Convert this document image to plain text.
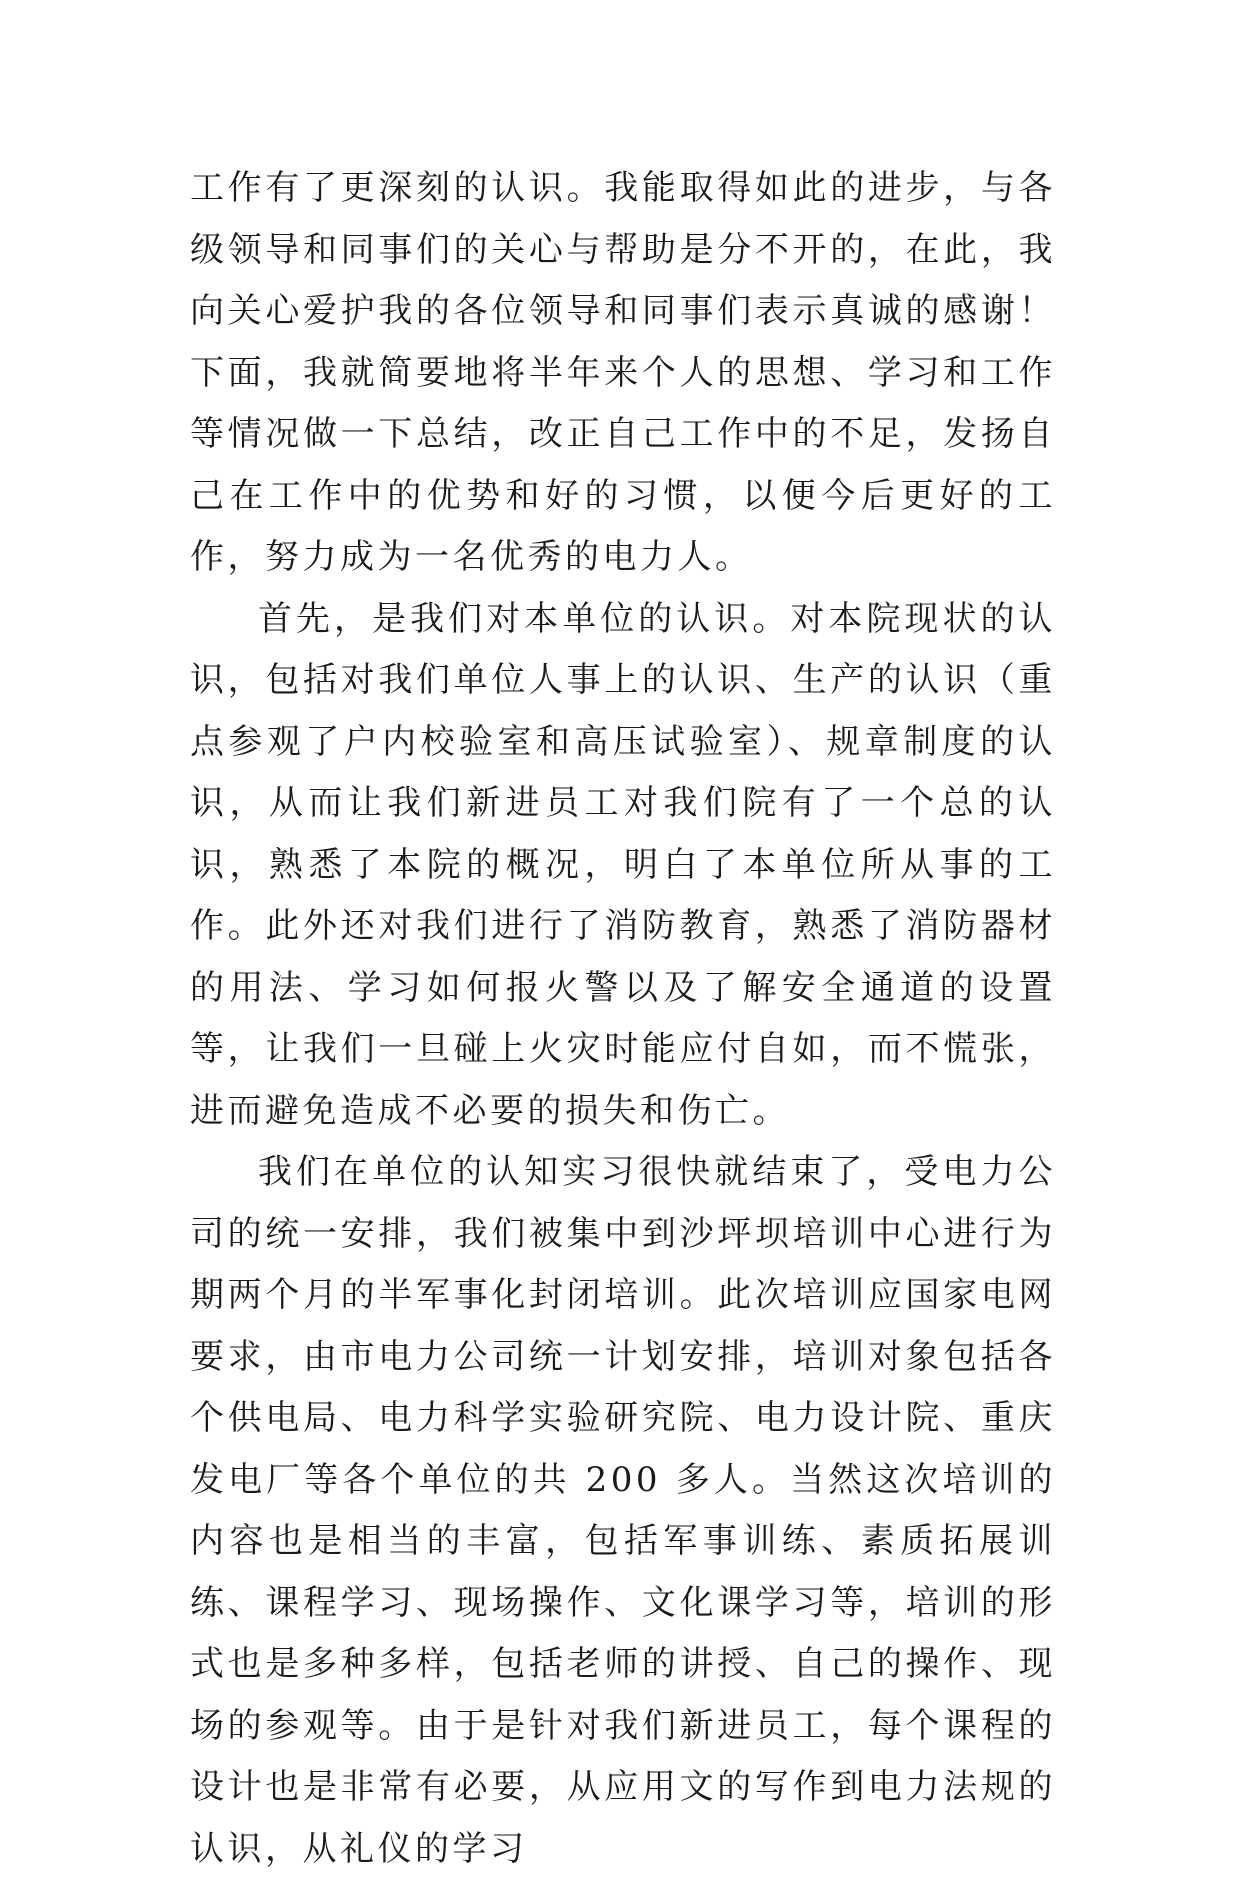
工作有了更深刻的认识。我能取得如此的进步，与各级领导和同事们的关心与帮助是分不开的，在此，我向关心爱护我的各位领导和同事们表示真诚的感谢！下面，我就简要地将半年来个人的思想、学习和工作等情况做一下总结，改正自己工作中的不足，发扬自己在工作中的优势和好的习惯，以便今后更好的工作，努力成为一名优秀的电力人。

首先，是我们对本单位的认识。对本院现状的认识，包括对我们单位人事上的认识、生产的认识（重点参观了户内校验室和高压试验室）、规章制度的认识，从而让我们新进员工对我们院有了一个总的认识，熟悉了本院的概况，明白了本单位所从事的工作。此外还对我们进行了消防教育，熟悉了消防器材的用法、学习如何报火警以及了解安全通道的设置等，让我们一旦碰上火灾时能应付自如，而不慌张，进而避免造成不必要的损失和伤亡。

我们在单位的认知实习很快就结束了，受电力公司的统一安排，我们被集中到沙坪坝培训中心进行为期两个月的半军事化封闭培训。此次培训应国家电网要求，由市电力公司统一计划安排，培训对象包括各个供电局、电力科学实验研究院、电力设计院、重庆发电厂等各个单位的共 200 多人。当然这次培训的内容也是相当的丰富，包括军事训练、素质拓展训练、课程学习、现场操作、文化课学习等，培训的形式也是多种多样，包括老师的讲授、自己的操作、现场的参观等。由于是针对我们新进员工，每个课程的设计也是非常有必要，从应用文的写作到电力法规的认识，从礼仪的学习
